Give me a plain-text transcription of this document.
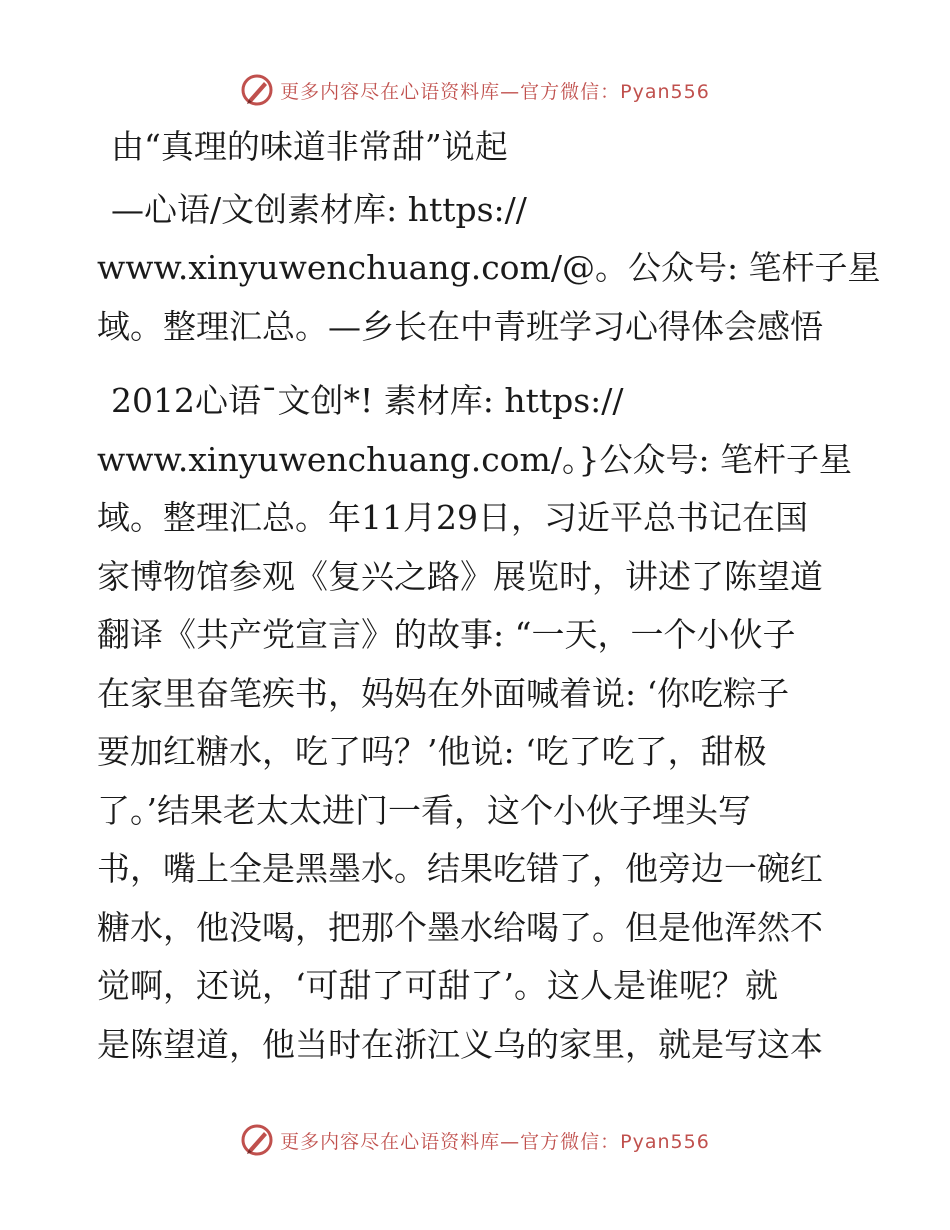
更多内容尽在心语资料库—官方微信：Pyan556
由“真理的味道非常甜”说起
—心语/文创素材库: https://
www.xinyuwenchuang.com/@。公众号: 笔杆子星
域。整理汇总。—乡长在中青班学习心得体会感悟
2012心语¯文创*! 素材库: https://
www.xinyuwenchuang.com/。}公众号: 笔杆子星
域。整理汇总。年11月29日，习近平总书记在国
家博物馆参观《复兴之路》展览时，讲述了陈望道
翻译《共产党宣言》的故事: “一天，一个小伙子
在家里奋笔疾书，妈妈在外面喊着说: ‘你吃粽子
要加红糖水，吃了吗？’他说: ‘吃了吃了，甜极
了。’结果老太太进门一看，这个小伙子埋头写
书，嘴上全是黑墨水。结果吃错了，他旁边一碗红
糖水，他没喝，把那个墨水给喝了。但是他浑然不
觉啊，还说，‘可甜了可甜了’。这人是谁呢？就
是陈望道，他当时在浙江义乌的家里，就是写这本
更多内容尽在心语资料库—官方微信：Pyan556
